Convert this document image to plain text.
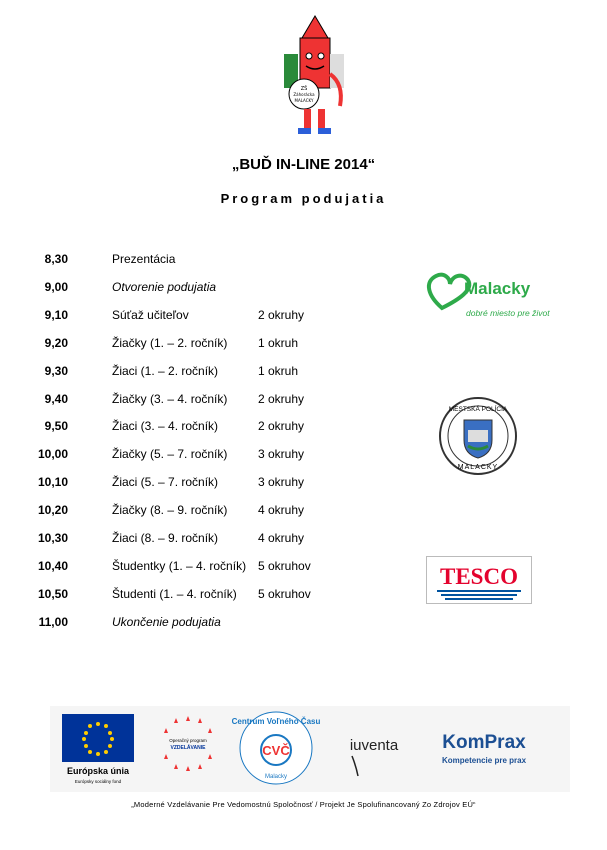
ZŠ
Záhorácka
MALACKY
„BUĎ IN-LINE 2014“
Program podujatia
8,30	Prezentácia
9,00	Otvorenie podujatia
9,10	Súťaž učiteľov	2 okruhy
9,20	Žiačky (1. – 2. ročník)	1 okruh
9,30	Žiaci (1. – 2. ročník)	1 okruh
9,40	Žiačky (3. – 4. ročník)	2 okruhy
9,50	Žiaci (3. – 4. ročník)	2 okruhy
10,00	Žiačky (5. – 7. ročník)	3 okruhy
10,10	Žiaci (5. – 7. ročník)	3 okruhy
10,20	Žiačky (8. – 9. ročník)	4 okruhy
10,30	Žiaci (8. – 9. ročník)	4 okruhy
10,40	Študentky (1. – 4. ročník) 5 okruhov
10,50	Študenti (1. – 4. ročník) 5 okruhov
11,00	Ukončenie podujatia
Malacky
dobré miesto pre život
MESTSKÁ POLÍCIA
MALACKY
TESCO
Európska únia
Európsky sociálny fond
Operačný program
VZDELÁVANIE
Centrum Voľného Času
CVČ
Malacky
iuventa KomPrax
Kompetencie pre prax
„Moderné Vzdelávanie Pre Vedomostnú Spoločnosť / Projekt Je Spolufinancovaný Zo Zdrojov EÚ“
